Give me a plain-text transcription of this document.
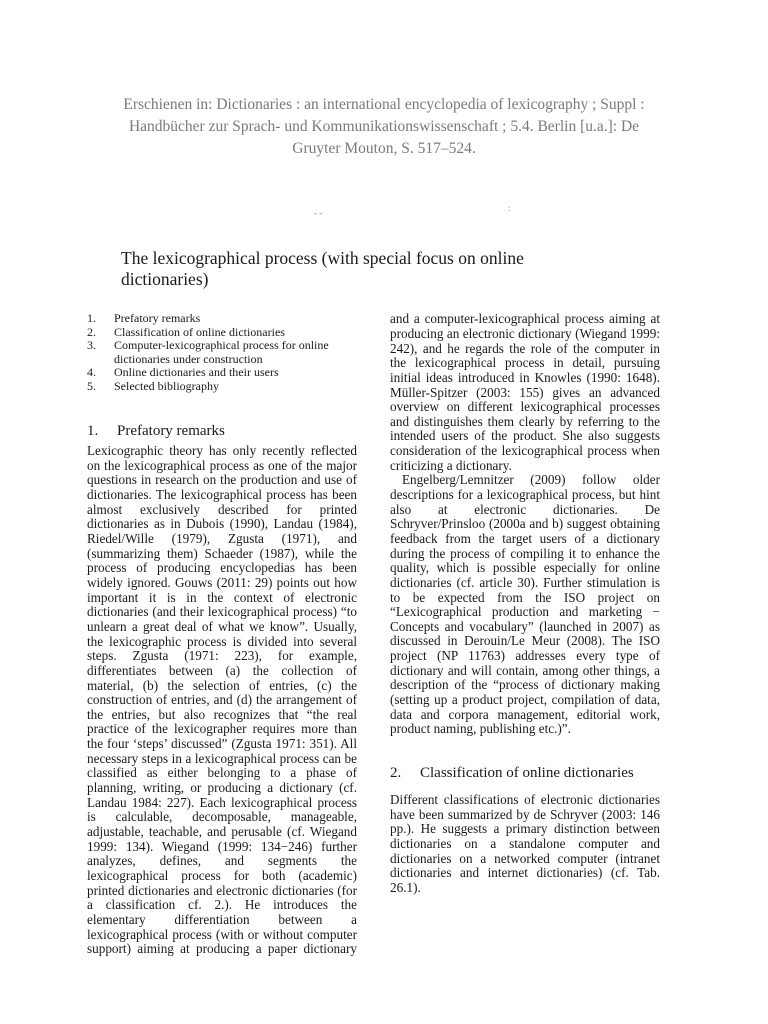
Erschienen in: Dictionaries : an international encyclopedia of lexicography ; Suppl :
Handbücher zur Sprach- und Kommunikationswissenschaft ; 5.4. Berlin [u.a.]: De
Gruyter Mouton, S. 517–524.
- -	:
The lexicographical process (with special focus on online dictionaries)
1.	Prefatory remarks
2.	Classification of online dictionaries
3.	Computer-lexicographical process for online dictionaries under construction
4.	Online dictionaries and their users
5.	Selected bibliography
1.	Prefatory remarks

Lexicographic theory has only recently reflected on the lexicographical process as one of the major questions in research on the production and use of dictionaries. The lexicographical process has been almost exclusively described for printed dictionaries as in Dubois (1990), Landau (1984), Riedel/Wille (1979), Zgusta (1971), and (summarizing them) Schaeder (1987), while the process of producing encyclopedias has been widely ignored. Gouws (2011: 29) points out how important it is in the context of electronic dictionaries (and their lexicographical process) “to unlearn a great deal of what we know”. Usually, the lexicographic process is divided into several steps. Zgusta (1971: 223), for example, differentiates between (a) the collection of material, (b) the selection of entries, (c) the construction of entries, and (d) the arrangement of the entries, but also recognizes that “the real practice of the lexicographer requires more than the four ‘steps’ discussed” (Zgusta 1971: 351). All necessary steps in a lexicographical process can be classified as either belonging to a phase of planning, writing, or producing a dictionary (cf. Landau 1984: 227). Each lexicographical process is calculable, decomposable, manageable, adjustable, teachable, and perusable (cf. Wiegand 1999: 134). Wiegand (1999: 134−246) further analyzes, defines, and segments the lexicographical process for both (academic) printed dictionaries and electronic dictionaries (for a classification cf. 2.). He introduces the elementary differentiation between a lexicographical process (with or without computer support) aiming at producing a paper dictionary

and a computer-lexicographical process aiming at producing an electronic dictionary (Wiegand 1999: 242), and he regards the role of the computer in the lexicographical process in detail, pursuing initial ideas introduced in Knowles (1990: 1648). Müller-Spitzer (2003: 155) gives an advanced overview on different lexicographical processes and distinguishes them clearly by referring to the intended users of the product. She also suggests consideration of the lexicographical process when criticizing a dictionary.

Engelberg/Lemnitzer (2009) follow older descriptions for a lexicographical process, but hint also at electronic dictionaries. De Schryver/Prinsloo (2000a and b) suggest obtaining feedback from the target users of a dictionary during the process of compiling it to enhance the quality, which is possible especially for online dictionaries (cf. article 30). Further stimulation is to be expected from the ISO project on “Lexicographical production and marketing − Concepts and vocabulary” (launched in 2007) as discussed in Derouin/Le Meur (2008). The ISO project (NP 11763) addresses every type of dictionary and will contain, among other things, a description of the “process of dictionary making (setting up a product project, compilation of data, data and corpora management, editorial work, product naming, publishing etc.)”.

2.	Classification of online dictionaries

Different classifications of electronic dictionaries have been summarized by de Schryver (2003: 146 pp.). He suggests a primary distinction between dictionaries on a standalone computer and dictionaries on a networked computer (intranet dictionaries and internet dictionaries) (cf. Tab. 26.1).
